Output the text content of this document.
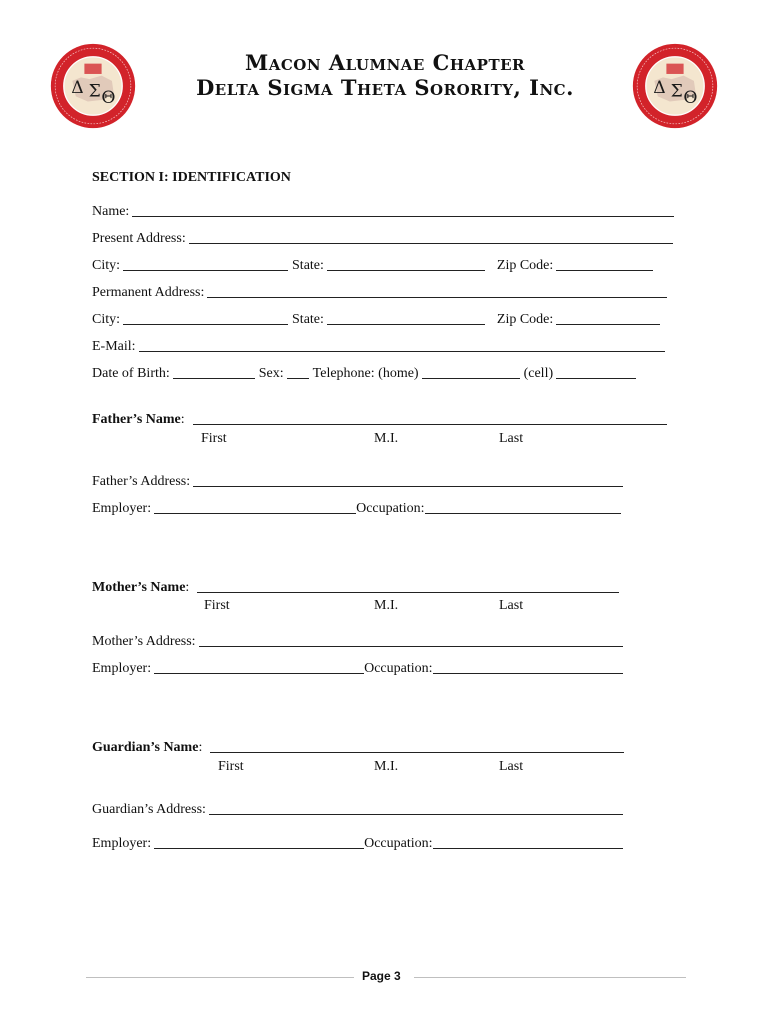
Δ Σ Θ
Δ Σ Θ
Macon Alumnae Chapter
Delta Sigma Theta Sorority, Inc.
SECTION I: IDENTIFICATION
Name:
Present Address:
City:	State:	Zip Code:
Permanent Address:
City:	State:	Zip Code:
E-Mail:
Date of Birth:	Sex: Telephone: (home)	(cell)
Father’s Name :
First	M.I.	Last
Father’s Address:
Employer:	Occupation:
Mother’s Name :
First	M.I.	Last
Mother’s Address:
Employer:	Occupation:
Guardian’s Name :
First	M.I.	Last
Guardian’s Address:
Employer:	Occupation:
Page 3
